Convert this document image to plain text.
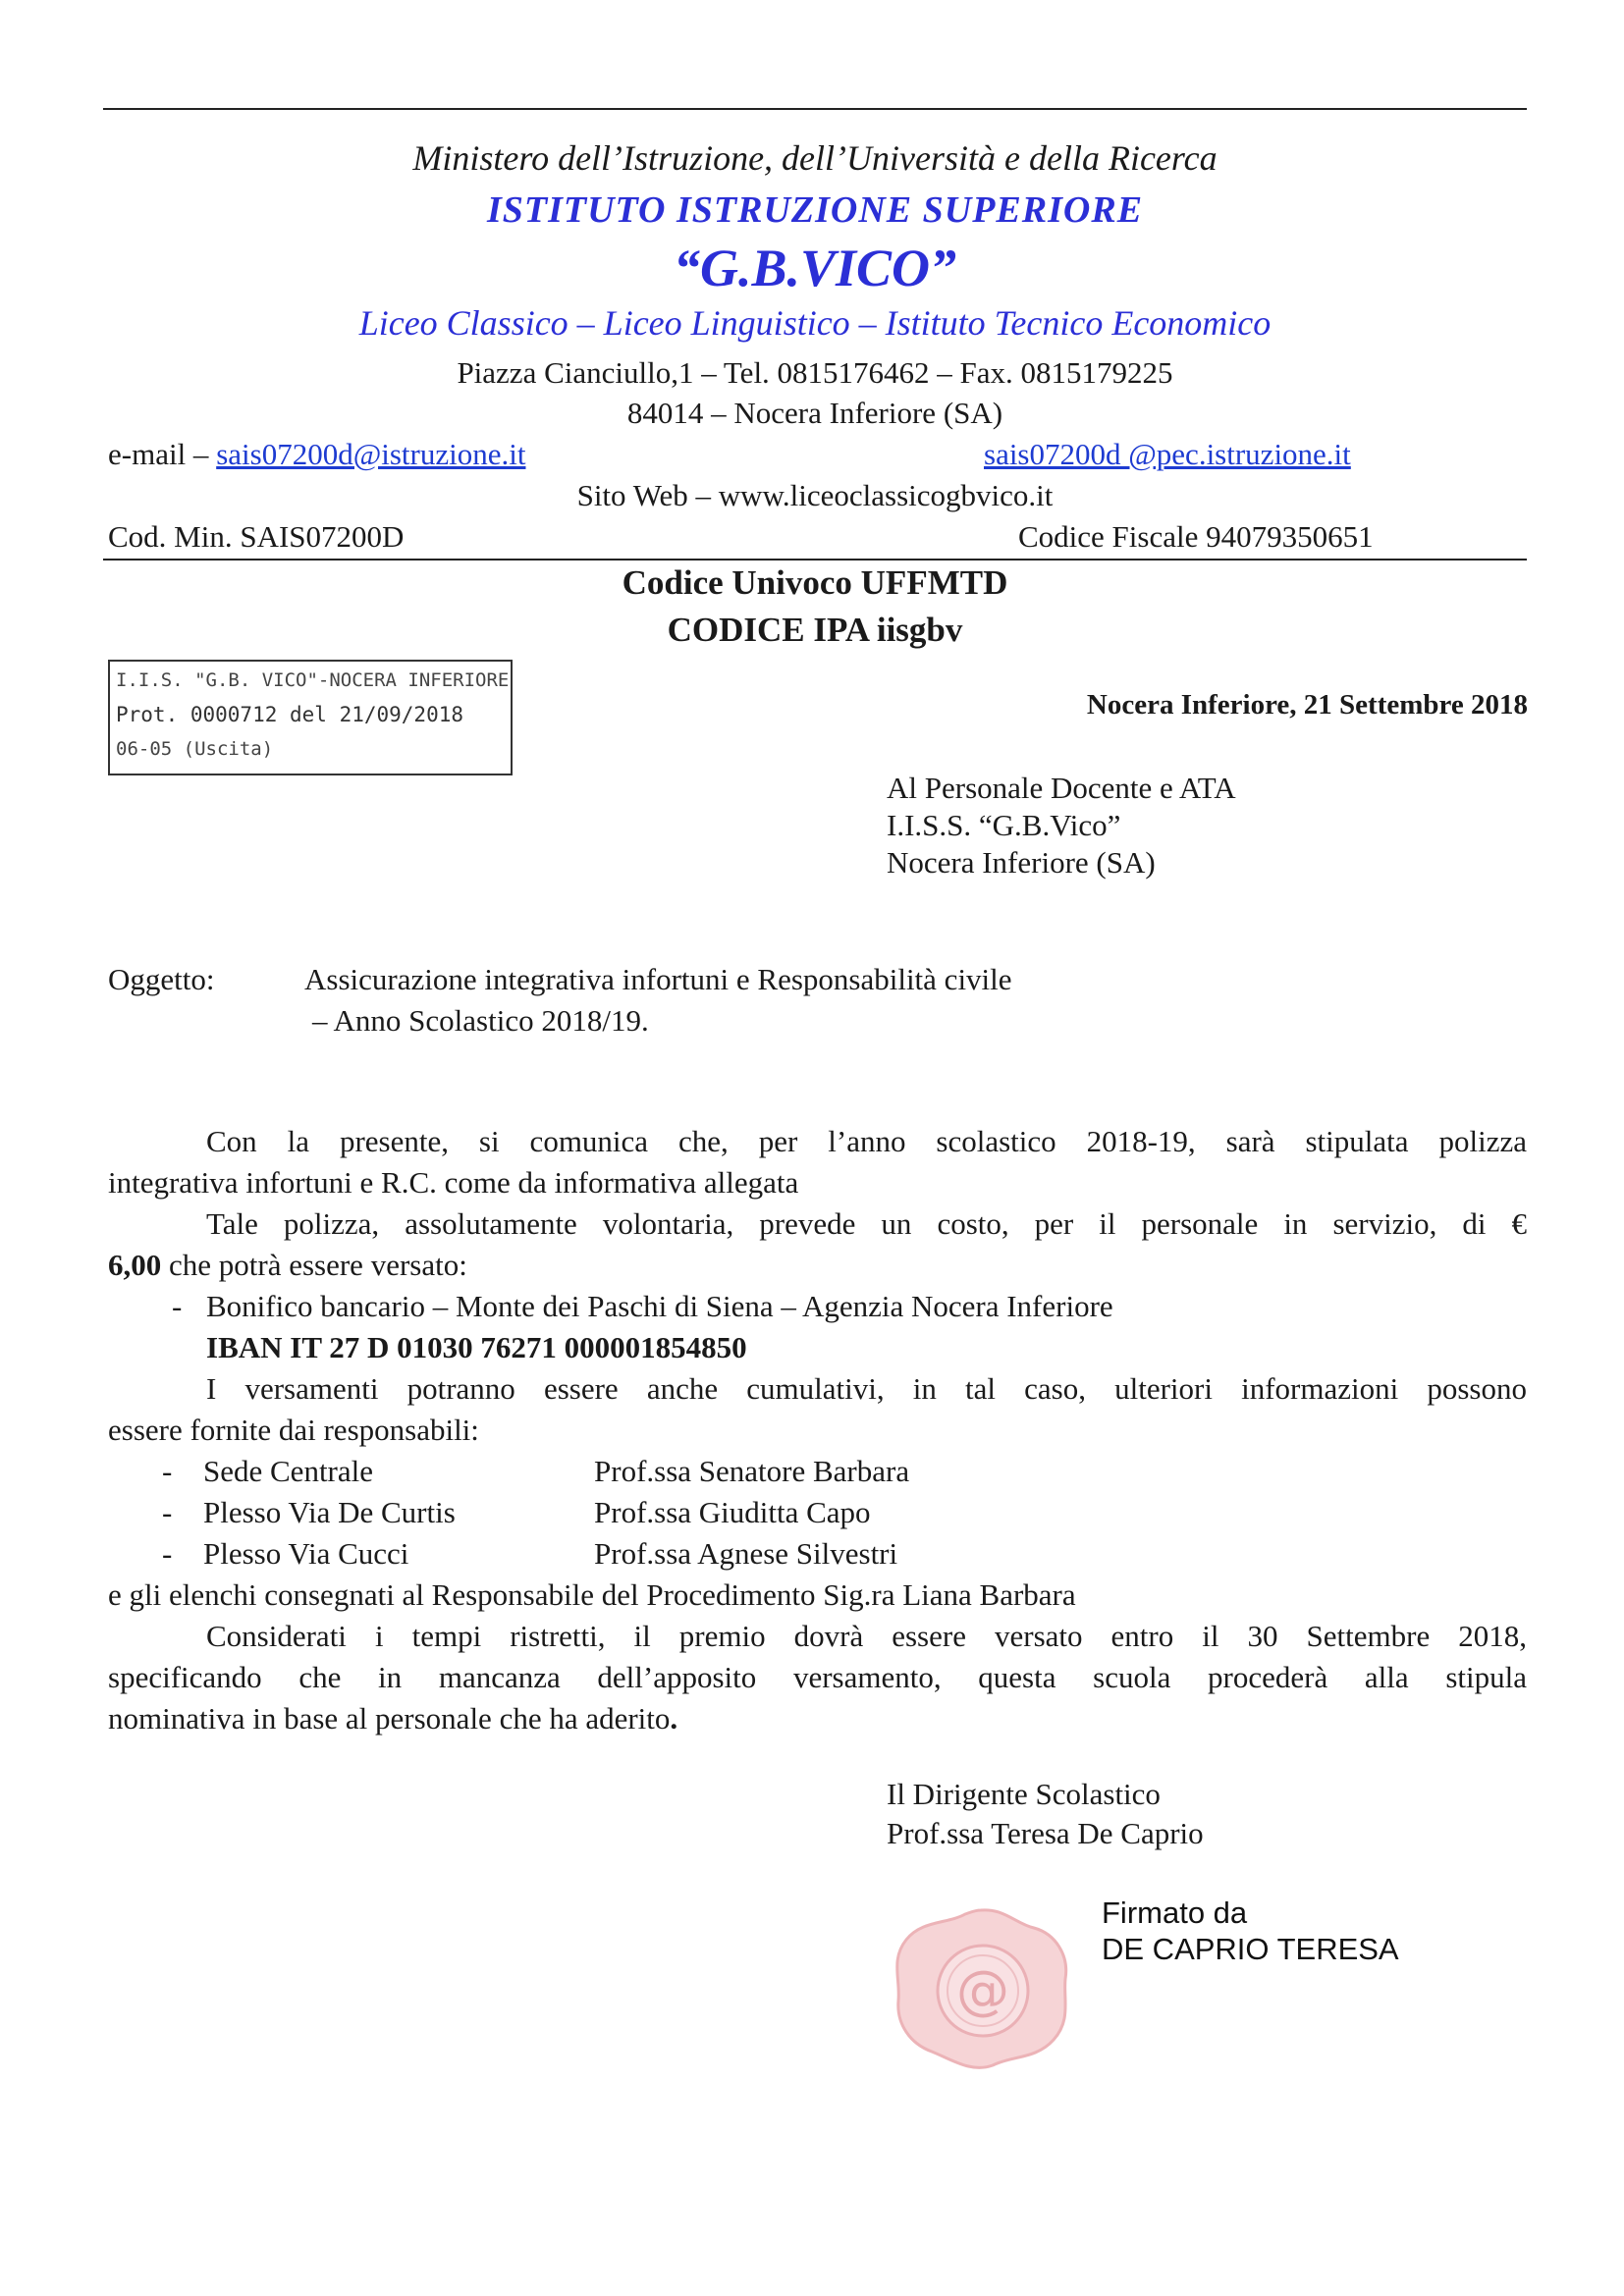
Ministero dell’Istruzione, dell’Università e della Ricerca
ISTITUTO ISTRUZIONE SUPERIORE
“G.B.VICO”
Liceo Classico – Liceo Linguistico – Istituto Tecnico Economico
Piazza Cianciullo,1 – Tel. 0815176462 – Fax. 0815179225
84014 – Nocera Inferiore (SA)
e-mail – sais07200d@istruzione.it	sais07200d @pec.istruzione.it
Sito Web – www.liceoclassicogbvico.it
Cod. Min. SAIS07200D	Codice Fiscale 94079350651
Codice Univoco UFFMTD
CODICE IPA iisgbv
I.I.S. "G.B. VICO"-NOCERA INFERIORE
Prot. 0000712 del 21/09/2018
06-05 (Uscita)
Nocera Inferiore, 21 Settembre 2018
Al Personale Docente e ATA
I.I.S.S. “G.B.Vico”
Nocera Inferiore (SA)
Oggetto:	Assicurazione integrativa infortuni e Responsabilità civile
– Anno Scolastico 2018/19.
Con la presente, si comunica che, per l’anno scolastico 2018-19, sarà stipulata polizza
integrativa infortuni e R.C. come da informativa allegata
Tale polizza, assolutamente volontaria, prevede un costo, per il personale in servizio, di €
6,00 che potrà essere versato:
- Bonifico bancario – Monte dei Paschi di Siena – Agenzia Nocera Inferiore
IBAN IT 27 D 01030 76271 000001854850
I versamenti potranno essere anche cumulativi, in tal caso, ulteriori informazioni possono
essere fornite dai responsabili:
- Sede Centrale	Prof.ssa Senatore Barbara
- Plesso Via De Curtis	Prof.ssa Giuditta Capo
- Plesso Via Cucci	Prof.ssa Agnese Silvestri
e gli elenchi consegnati al Responsabile del Procedimento Sig.ra Liana Barbara
Considerati i tempi ristretti, il premio dovrà essere versato entro il 30 Settembre 2018,
specificando che in mancanza dell’apposito versamento, questa scuola procederà alla stipula
nominativa in base al personale che ha aderito.
Il Dirigente Scolastico
Prof.ssa Teresa De Caprio
Firmato da
DE CAPRIO TERESA
@
